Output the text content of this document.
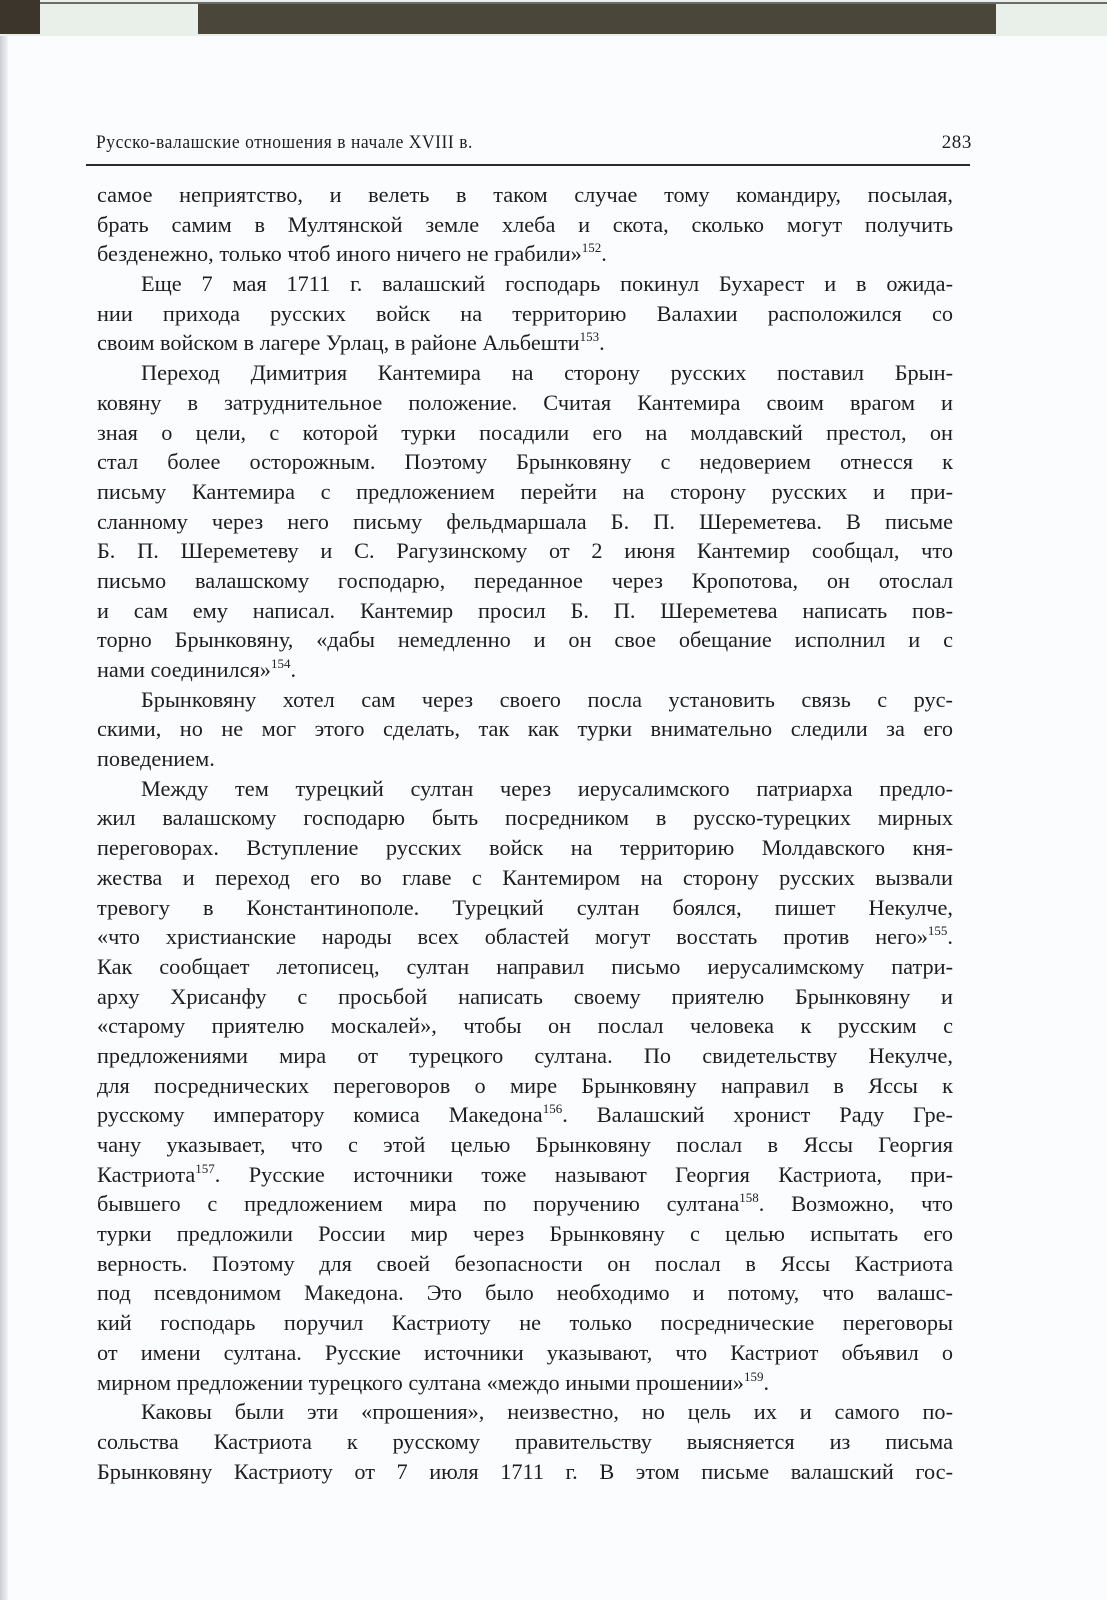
Русско-валашские отношения в начале XVIII в.	283
самое неприятство, и велеть в таком случае тому командиру, посылая,
брать самим в Мултянской земле хлеба и скота, сколько могут получить
безденежно, только чтоб иного ничего не грабили»$^{152}$.
Еще 7 мая 1711 г. валашский господарь покинул Бухарест и в ожида-
нии прихода русских войск на территорию Валахии расположился со
своим войском в лагере Урлац, в районе Альбешти$^{153}$.
Переход Димитрия Кантемира на сторону русских поставил Брын-
ковяну в затруднительное положение. Считая Кантемира своим врагом и
зная о цели, с которой турки посадили его на молдавский престол, он
стал более осторожным. Поэтому Брынковяну с недоверием отнесся к
письму Кантемира с предложением перейти на сторону русских и при-
сланному через него письму фельдмаршала Б. П. Шереметева. В письме
Б. П. Шереметеву и С. Рагузинскому от 2 июня Кантемир сообщал, что
письмо валашскому господарю, переданное через Кропотова, он отослал
и сам ему написал. Кантемир просил Б. П. Шереметева написать пов-
торно Брынковяну, «дабы немедленно и он свое обещание исполнил и с
нами соединился»$^{154}$.
Брынковяну хотел сам через своего посла установить связь с рус-
скими, но не мог этого сделать, так как турки внимательно следили за его
поведением.
Между тем турецкий султан через иерусалимского патриарха предло-
жил валашскому господарю быть посредником в русско-турецких мирных
переговорах. Вступление русских войск на территорию Молдавского кня-
жества и переход его во главе с Кантемиром на сторону русских вызвали
тревогу в Константинополе. Турецкий султан боялся, пишет Некулче,
«что христианские народы всех областей могут восстать против него»$^{155}$.
Как сообщает летописец, султан направил письмо иерусалимскому патри-
арху Хрисанфу с просьбой написать своему приятелю Брынковяну и
«старому приятелю москалей», чтобы он послал человека к русским с
предложениями мира от турецкого султана. По свидетельству Некулче,
для посреднических переговоров о мире Брынковяну направил в Яссы к
русскому императору комиса Македона$^{156}$. Валашский хронист Раду Гре-
чану указывает, что с этой целью Брынковяну послал в Яссы Георгия
Кастриота$^{157}$. Русские источники тоже называют Георгия Кастриота, при-
бывшего с предложением мира по поручению султана$^{158}$. Возможно, что
турки предложили России мир через Брынковяну с целью испытать его
верность. Поэтому для своей безопасности он послал в Яссы Кастриота
под псевдонимом Македона. Это было необходимо и потому, что валашс-
кий господарь поручил Кастриоту не только посреднические переговоры
от имени султана. Русские источники указывают, что Кастриот объявил о
мирном предложении турецкого султана «междо иными прошении»$^{159}$.
Каковы были эти «прошения», неизвестно, но цель их и самого по-
сольства Кастриота к русскому правительству выясняется из письма
Брынковяну Кастриоту от 7 июля 1711 г. В этом письме валашский гос-
